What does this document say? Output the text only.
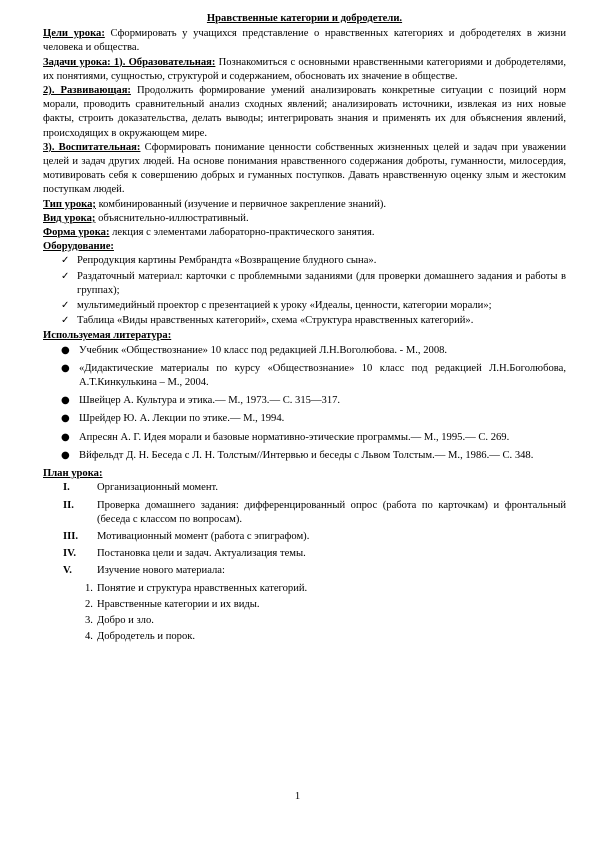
Нравственные категории и добродетели.

Цели урока: Сформировать у учащихся представление о нравственных категориях и добродетелях в жизни человека и общества.

Задачи урока: 1). Образовательная: Познакомиться с основными нравственными категориями и добродетелями, их понятиями, сущностью, структурой и содержанием, обосновать их значение в обществе.

2). Развивающая: Продолжить формирование умений анализировать конкретные ситуации с позиций норм морали, проводить сравнительный анализ сходных явлений; анализировать источники, извлекая из них новые факты, строить доказательства, делать выводы; интегрировать знания и применять их для объяснения явлений, происходящих в окружающем мире.

3). Воспитательная: Сформировать понимание ценности собственных жизненных целей и задач при уважении целей и задач других людей. На основе понимания нравственного содержания доброты, гуманности, милосердия, мотивировать себя к совершению добрых и гуманных поступков. Давать нравственную оценку злым и жестоким поступкам людей.

Тип урока; комбинированный (изучение и первичное закрепление знаний).

Вид урока; объяснительно-иллюстративный.

Форма урока: лекция с элементами лабораторно-практического занятия.

Оборудование:

✓ Репродукция картины Рембрандта «Возвращение блудного сына».
✓ Раздаточный материал: карточки с проблемными заданиями (для проверки домашнего задания и работы в группах);
✓ мультимедийный проектор с презентацией к уроку «Идеалы, ценности, категории морали»;
✓ Таблица «Виды нравственных категорий», схема «Структура нравственных категорий».

Используемая литература:

● Учебник «Обществознание» 10 класс под редакцией Л.Н.Воголюбова. - М., 2008.
● «Дидактические материалы по курсу «Обществознание» 10 класс под редакцией Л.Н.Боголюбова, А.Т.Кинкулькина – М., 2004.
● Швейцер А. Культура и этика.— М., 1973.— С. 315—317.
● Шрейдер Ю. А. Лекции по этике.— М., 1994.
● Апресян А. Г. Идея морали и базовые нормативно-этические программы.— М., 1995.— С. 269.
● Вйфельдт Д. Н. Беседа с Л. Н. Толстым//Интервью и беседы с Львом Толстым.— М., 1986.— С. 348.

План урока:

I.	Организационный момент.
II. Проверка домашнего задания: дифференцированный опрос (работа по карточкам) и фронтальный (беседа с классом по вопросам).
III. Мотивационный момент (работа с эпиграфом).
IV. Постановка цели и задач. Актуализация темы.
V. Изучение нового материала:
1. Понятие и структура нравственных категорий.
2. Нравственные категории и их виды.
3. Добро и зло.
4. Добродетель и порок.
1
